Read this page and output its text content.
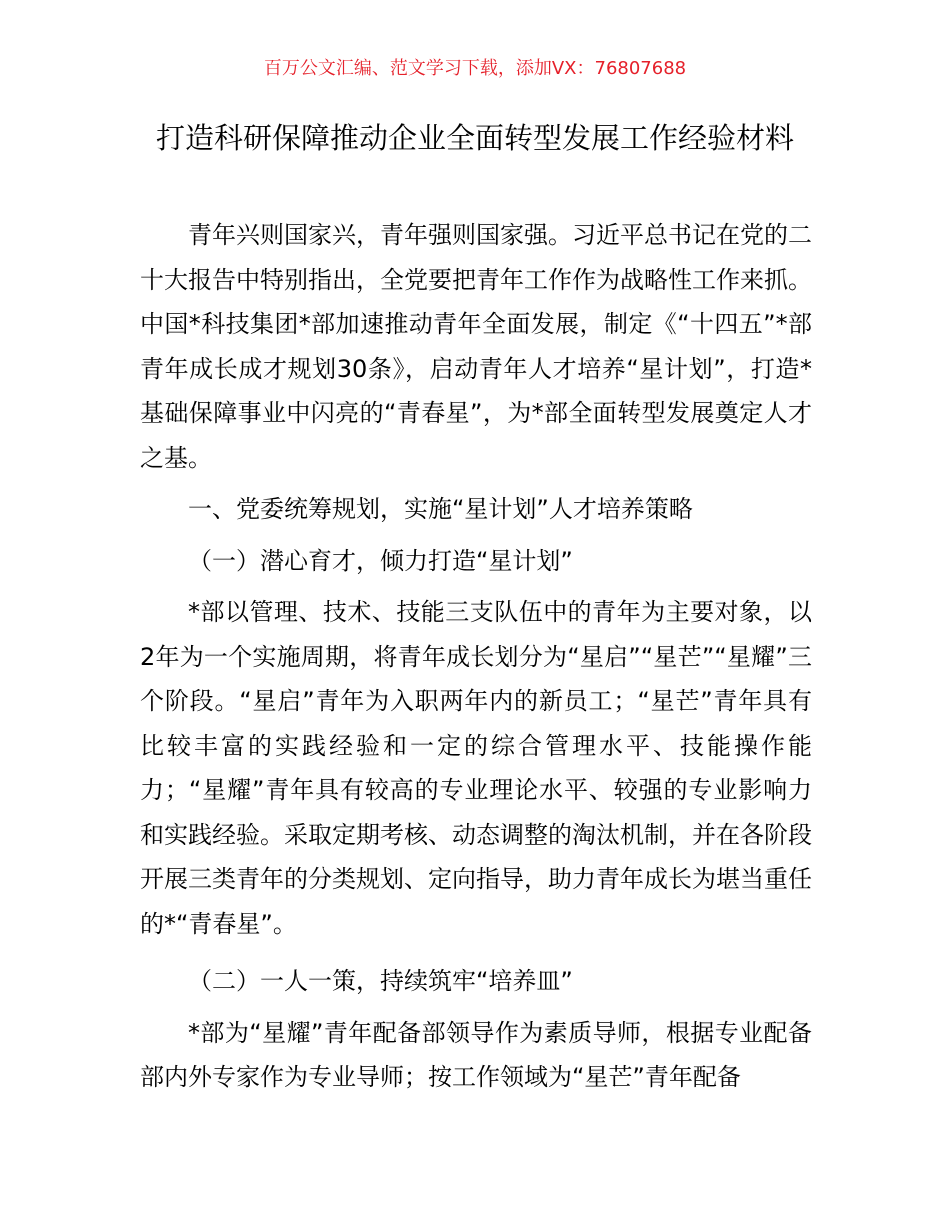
百万公文汇编、范文学习下载，添加VX：76807688
打造科研保障推动企业全面转型发展工作经验材料

青年兴则国家兴，青年强则国家强。习近平总书记在党的二十大报告中特别指出，全党要把青年工作作为战略性工作来抓。中国*科技集团*部加速推动青年全面发展，制定《“十四五”*部青年成长成才规划30条》，启动青年人才培养“星计划”，打造*基础保障事业中闪亮的“青春星”，为*部全面转型发展奠定人才之基。

一、党委统筹规划，实施“星计划”人才培养策略

（一）潜心育才，倾力打造“星计划”

*部以管理、技术、技能三支队伍中的青年为主要对象，以2年为一个实施周期，将青年成长划分为“星启”“星芒”“星耀”三个阶段。“星启”青年为入职两年内的新员工；“星芒”青年具有比较丰富的实践经验和一定的综合管理水平、技能操作能力；“星耀”青年具有较高的专业理论水平、较强的专业影响力和实践经验。采取定期考核、动态调整的淘汰机制，并在各阶段开展三类青年的分类规划、定向指导，助力青年成长为堪当重任的*“青春星”。

（二）一人一策，持续筑牢“培养皿”

*部为“星耀”青年配备部领导作为素质导师，根据专业配备部内外专家作为专业导师；按工作领域为“星芒”青年配备
